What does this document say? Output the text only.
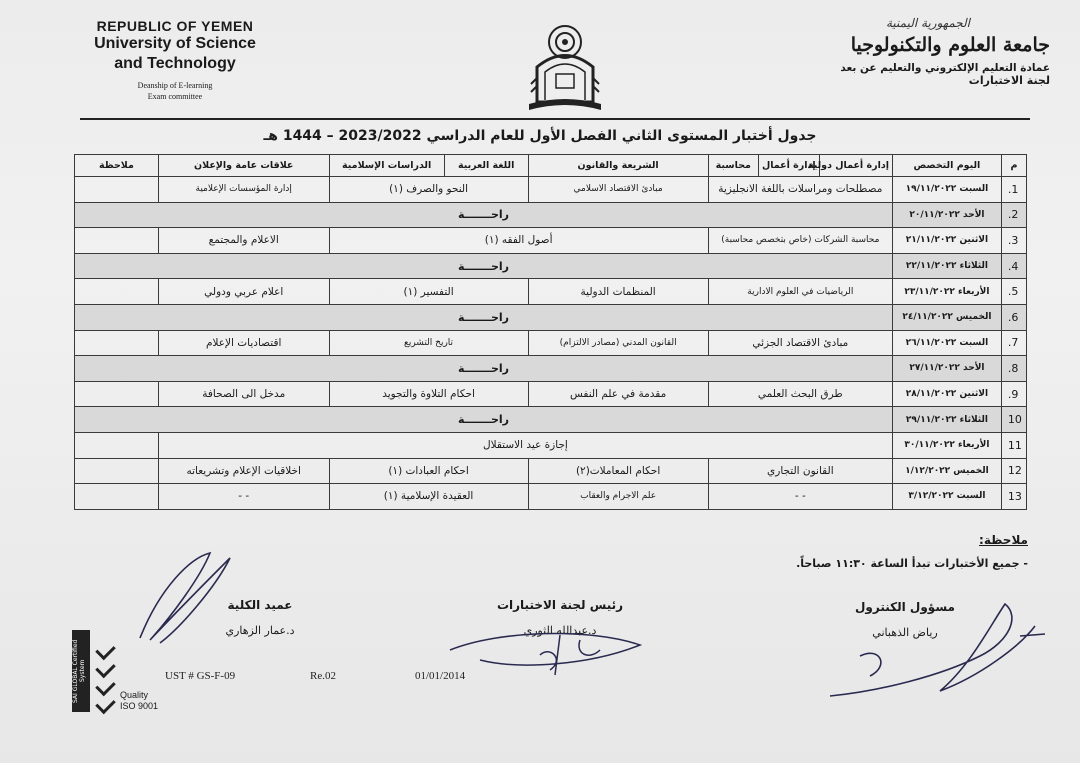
REPUBLIC OF YEMEN
University of Science
and Technology
Deanship of E-learning
Exam committee
الجمهورية اليمنية
جامعة العلوم والتكنولوجيا
عمادة التعليم الإلكتروني والتعليم عن بعد
لجنة الاختبارات
جدول أختبار المستوى الثاني الفصل الأول للعام الدراسي 2023/2022 – 1444 هـ
م	اليوم التخصص	إدارة أعمال دولية	إدارة أعمال	محاسبة	الشريعة والقانون	اللغة العربية	الدراسات الإسلامية	علاقات عامة والإعلان	ملاحظة
1.	السبت ١٩/١١/٢٠٢٢	مصطلحات ومراسلات باللغة الانجليزية			مبادئ الاقتصاد الاسلامي	النحو والصرف (١)		إدارة المؤسسات الإعلامية	
2.	الأحد ٢٠/١١/٢٠٢٢	راحـــــــة							
3.	الاثنين ٢١/١١/٢٠٢٢	محاسبة الشركات (خاص بتخصص محاسبة)			أصول الفقه (١)			الاعلام والمجتمع	
4.	الثلاثاء ٢٢/١١/٢٠٢٢	راحـــــــة							
5.	الأربعاء ٢٣/١١/٢٠٢٢	الرياضيات في العلوم الادارية			المنظمات الدولية	التفسير (١)		اعلام عربي ودولي	
6.	الخميس ٢٤/١١/٢٠٢٢	راحـــــــة							
7.	السبت ٢٦/١١/٢٠٢٢	مبادئ الاقتصاد الجزئي			القانون المدني (مصادر الالتزام)	تاريخ التشريع		اقتصاديات الإعلام	
8.	الأحد ٢٧/١١/٢٠٢٢	راحـــــــة							
9.	الاثنين ٢٨/١١/٢٠٢٢	طرق البحث العلمي			مقدمة في علم النفس	احكام التلاوة والتجويد		مدخل الى الصحافة	
10	الثلاثاء ٢٩/١١/٢٠٢٢	راحـــــــة							
11	الأربعاء ٣٠/١١/٢٠٢٢	إجازة عيد الاستقلال							
12	الخميس ١/١٢/٢٠٢٢	القانون التجاري			احكام المعاملات(٢)	احكام العبادات (١)		اخلاقيات الإعلام وتشريعاته	
13	السبت ٣/١٢/٢٠٢٢	- -			علم الاجرام والعقاب	العقيدة الإسلامية (١)		- -	
ملاحظة:
- جميع الأختبارات تبدأ الساعة ١١:٣٠ صباحاً.
عميد الكلية
د.عمار الزهاري
رئيس لجنة الاختبارات
د.عبدالله الثوري
مسؤول الكنترول
رياض الذهباني
UST # GS-F-09	Re.02	01/01/2014
SAI GLOBAL Certified System
Quality
ISO 9001
